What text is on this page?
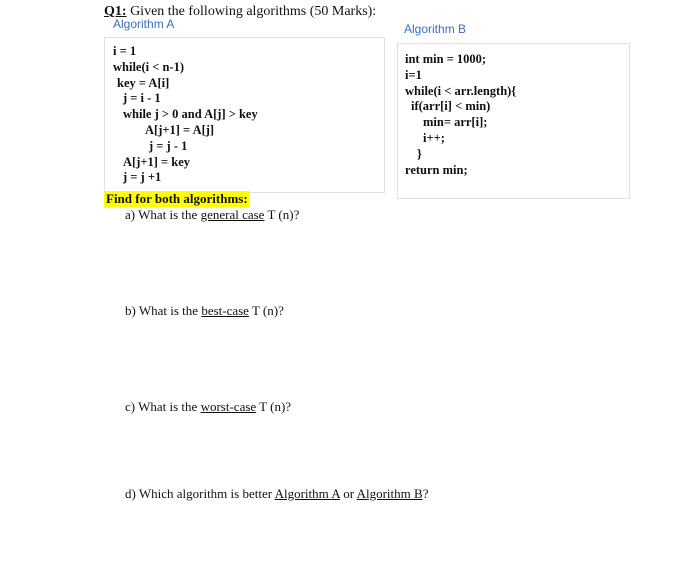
Q1: Given the following algorithms (50 Marks):
Algorithm A	Algorithm B
i = 1
while(i < n-1)
key = A[i]
j = i - 1
while j > 0 and A[j] > key
A[j+1] = A[j]
j = j - 1
A[j+1] = key
j = j +1
int min = 1000;
i=1
while(i < arr.length){
if(arr[i] < min)
min= arr[i];
i++;
}
return min;
Find for both algorithms:
a) What is the general case T (n)?
b) What is the best-case T (n)?
c) What is the worst-case T (n)?
d) Which algorithm is better Algorithm A or Algorithm B?
